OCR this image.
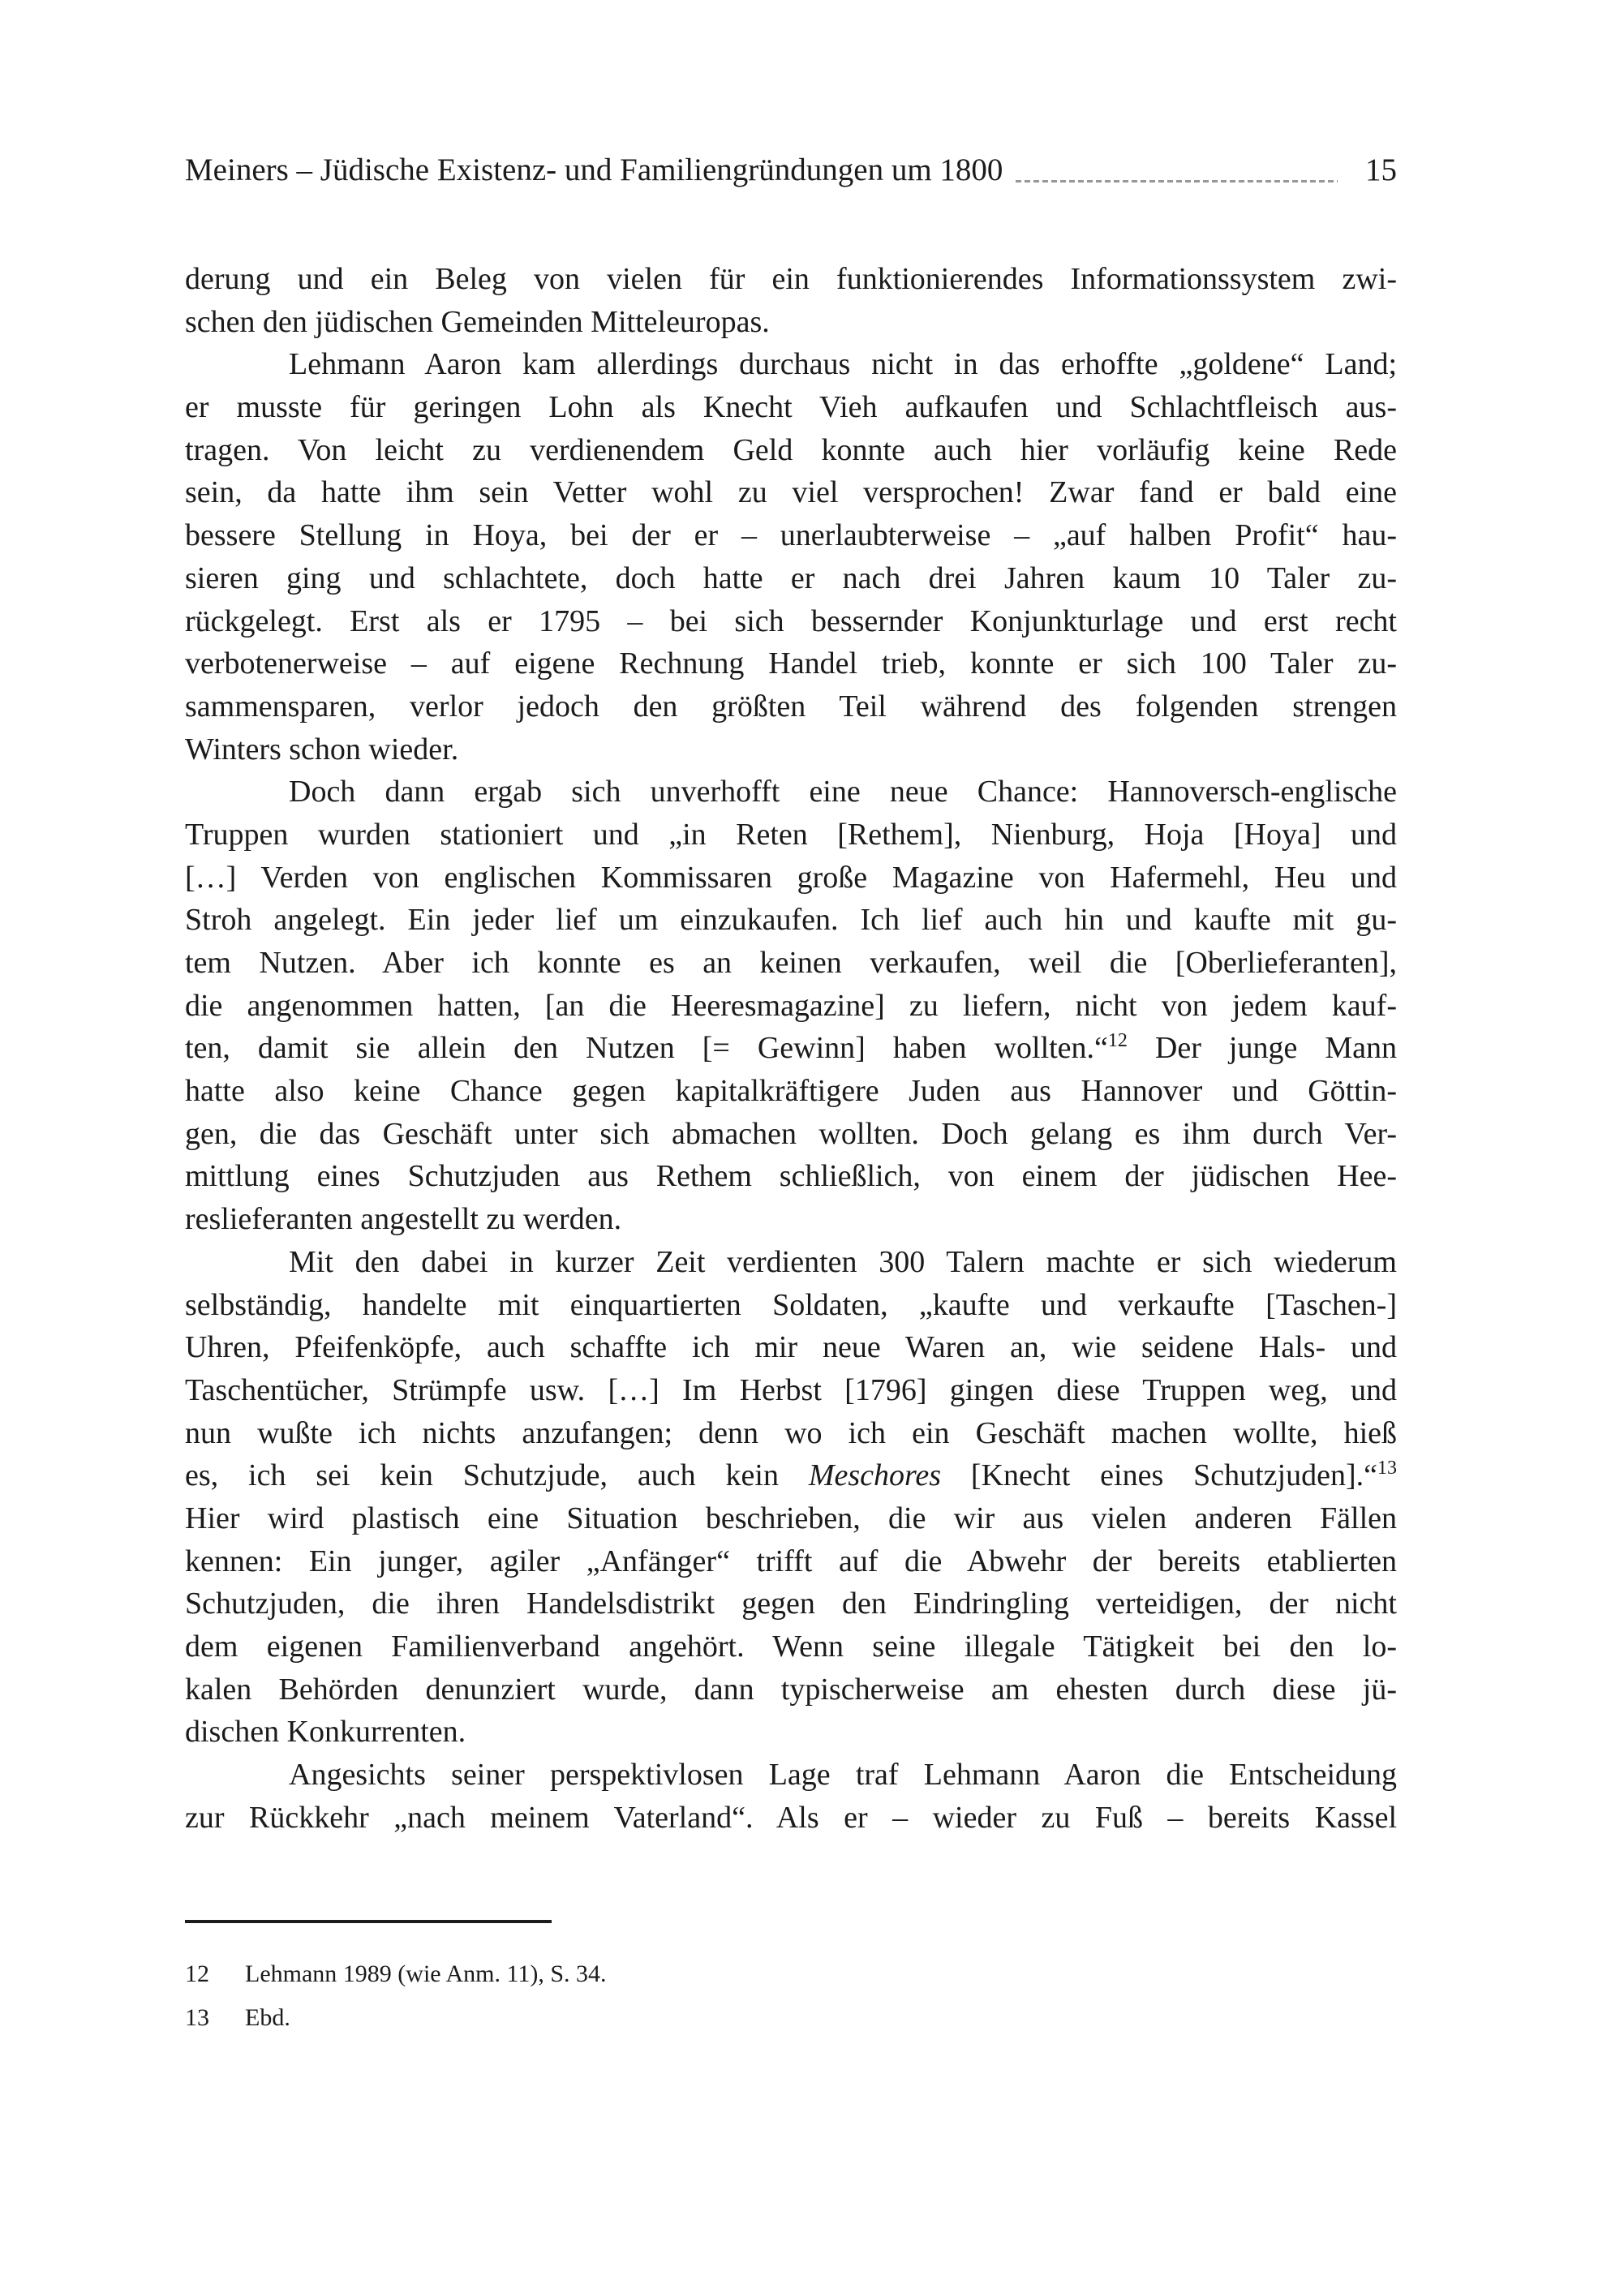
Meiners – Jüdische Existenz- und Familiengründungen um 1800	15
derung und ein Beleg von vielen für ein funktionierendes Informationssystem zwi-
schen den jüdischen Gemeinden Mitteleuropas.
Lehmann Aaron kam allerdings durchaus nicht in das erhoffte „goldene“ Land;
er musste für geringen Lohn als Knecht Vieh aufkaufen und Schlachtfleisch aus-
tragen. Von leicht zu verdienendem Geld konnte auch hier vorläufig keine Rede
sein, da hatte ihm sein Vetter wohl zu viel versprochen! Zwar fand er bald eine
bessere Stellung in Hoya, bei der er – unerlaubterweise – „auf halben Profit“ hau-
sieren ging und schlachtete, doch hatte er nach drei Jahren kaum 10 Taler zu-
rückgelegt. Erst als er 1795 – bei sich bessernder Konjunkturlage und erst recht
verbotenerweise – auf eigene Rechnung Handel trieb, konnte er sich 100 Taler zu-
sammensparen, verlor jedoch den größten Teil während des folgenden strengen
Winters schon wieder.
Doch dann ergab sich unverhofft eine neue Chance: Hannoversch-englische
Truppen wurden stationiert und „in Reten [Rethem], Nienburg, Hoja [Hoya] und
[…] Verden von englischen Kommissaren große Magazine von Hafermehl, Heu und
Stroh angelegt. Ein jeder lief um einzukaufen. Ich lief auch hin und kaufte mit gu-
tem Nutzen. Aber ich konnte es an keinen verkaufen, weil die [Oberlieferanten],
die angenommen hatten, [an die Heeresmagazine] zu liefern, nicht von jedem kauf-
ten, damit sie allein den Nutzen [= Gewinn] haben wollten.“$^{12}$ Der junge Mann
hatte also keine Chance gegen kapitalkräftigere Juden aus Hannover und Göttin-
gen, die das Geschäft unter sich abmachen wollten. Doch gelang es ihm durch Ver-
mittlung eines Schutzjuden aus Rethem schließlich, von einem der jüdischen Hee-
reslieferanten angestellt zu werden.
Mit den dabei in kurzer Zeit verdienten 300 Talern machte er sich wiederum
selbständig, handelte mit einquartierten Soldaten, „kaufte und verkaufte [Taschen-]
Uhren, Pfeifenköpfe, auch schaffte ich mir neue Waren an, wie seidene Hals- und
Taschentücher, Strümpfe usw. […] Im Herbst [1796] gingen diese Truppen weg, und
nun wußte ich nichts anzufangen; denn wo ich ein Geschäft machen wollte, hieß
es, ich sei kein Schutzjude, auch kein Meschores [Knecht eines Schutzjuden].“$^{13}$
Hier wird plastisch eine Situation beschrieben, die wir aus vielen anderen Fällen
kennen: Ein junger, agiler „Anfänger“ trifft auf die Abwehr der bereits etablierten
Schutzjuden, die ihren Handelsdistrikt gegen den Eindringling verteidigen, der nicht
dem eigenen Familienverband angehört. Wenn seine illegale Tätigkeit bei den lo-
kalen Behörden denunziert wurde, dann typischerweise am ehesten durch diese jü-
dischen Konkurrenten.
Angesichts seiner perspektivlosen Lage traf Lehmann Aaron die Entscheidung
zur Rückkehr „nach meinem Vaterland“. Als er – wieder zu Fuß – bereits Kassel
12	Lehmann 1989 (wie Anm. 11), S. 34.
13	Ebd.
